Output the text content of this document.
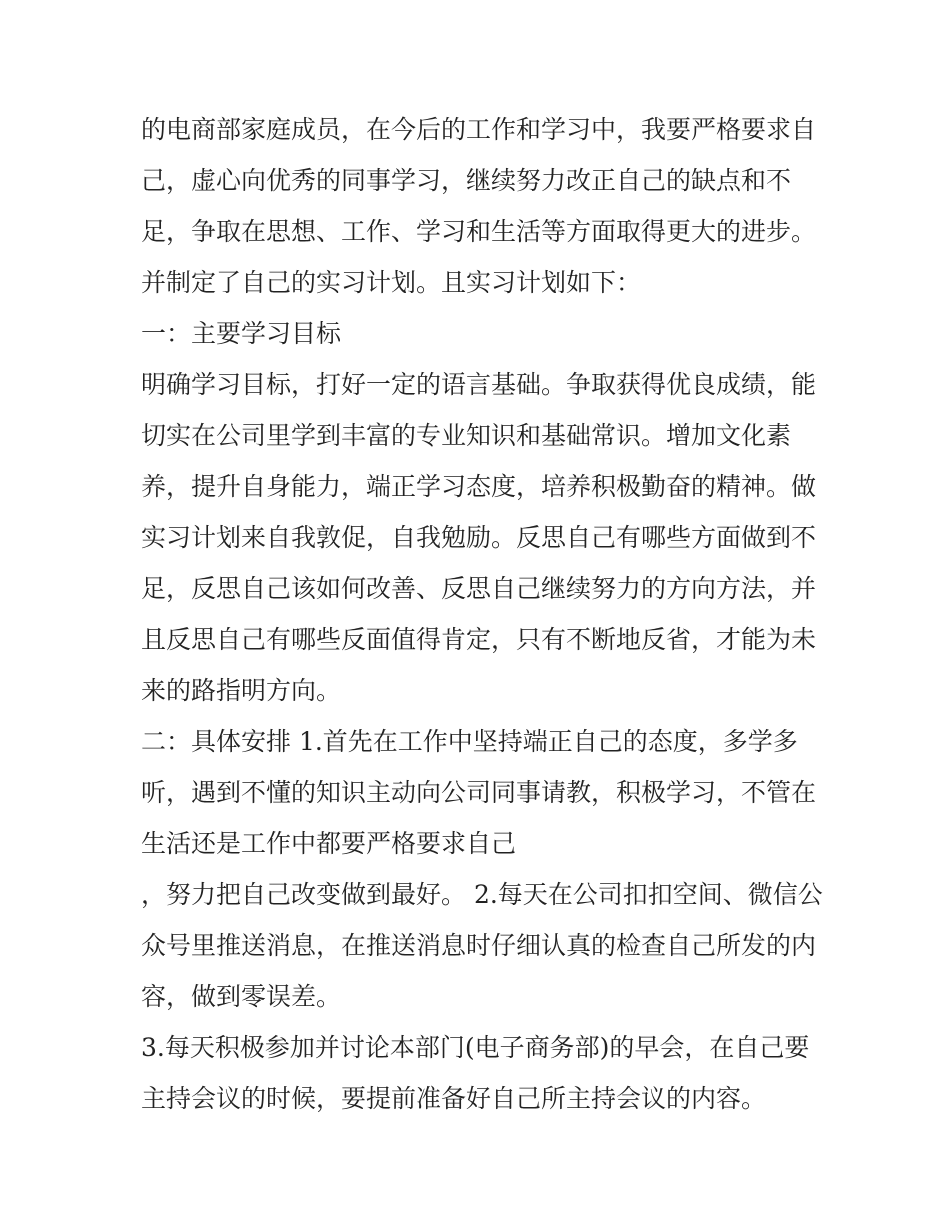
的电商部家庭成员，在今后的工作和学习中，我要严格要求自
己，虚心向优秀的同事学习，继续努力改正自己的缺点和不
足，争取在思想、工作、学习和生活等方面取得更大的进步。
并制定了自己的实习计划。且实习计划如下：
一：主要学习目标
明确学习目标，打好一定的语言基础。争取获得优良成绩，能
切实在公司里学到丰富的专业知识和基础常识。增加文化素
养，提升自身能力，端正学习态度，培养积极勤奋的精神。做
实习计划来自我敦促，自我勉励。反思自己有哪些方面做到不
足，反思自己该如何改善、反思自己继续努力的方向方法，并
且反思自己有哪些反面值得肯定，只有不断地反省，才能为未
来的路指明方向。
二：具体安排 1.首先在工作中坚持端正自己的态度，多学多
听，遇到不懂的知识主动向公司同事请教，积极学习，不管在
生活还是工作中都要严格要求自己
，努力把自己改变做到最好。 2.每天在公司扣扣空间、微信公
众号里推送消息，在推送消息时仔细认真的检查自己所发的内
容，做到零误差。
3.每天积极参加并讨论本部门(电子商务部)的早会，在自己要
主持会议的时候，要提前准备好自己所主持会议的内容。
